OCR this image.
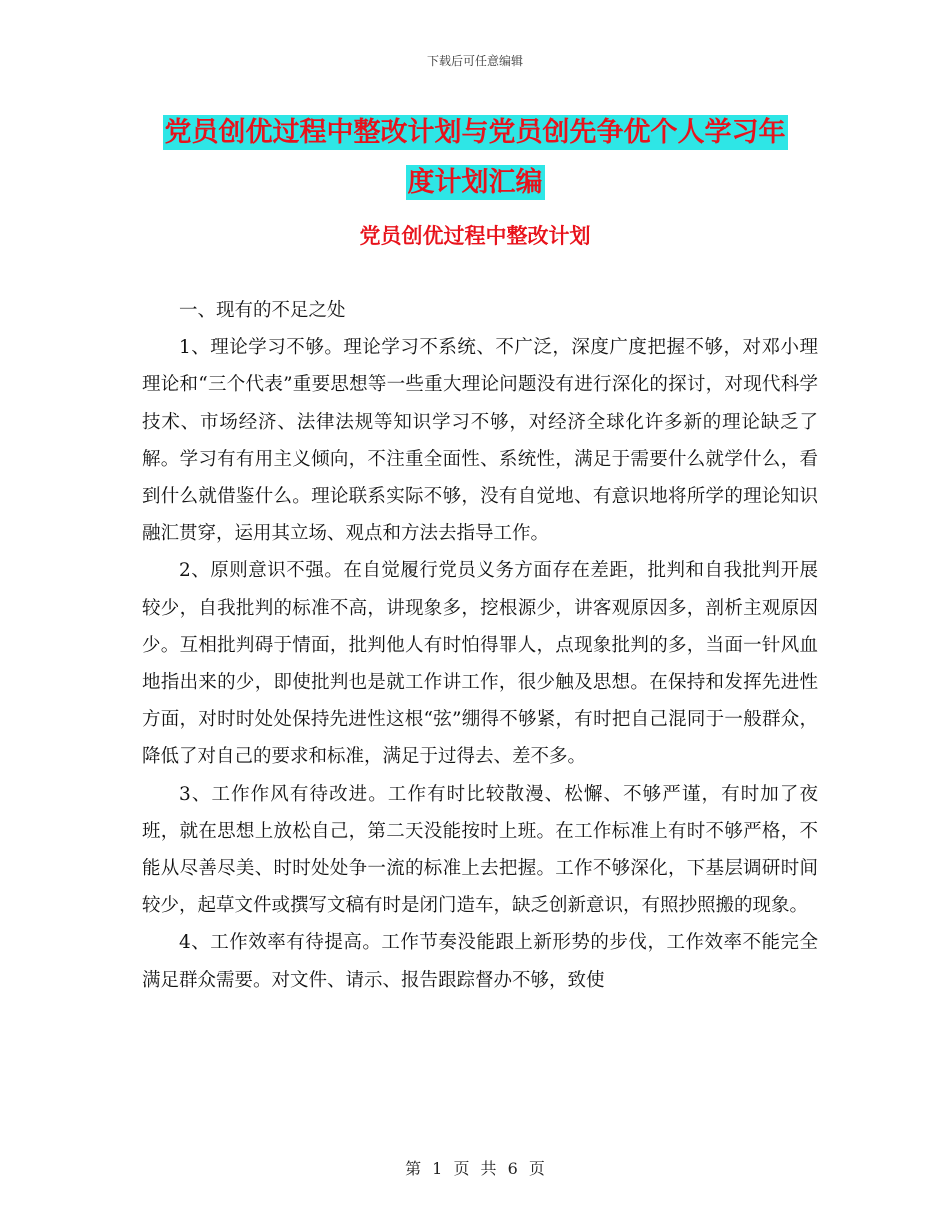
下载后可任意编辑
党员创优过程中整改计划与党员创先争优个人学习年
度计划汇编
党员创优过程中整改计划

一、现有的不足之处

1、理论学习不够。理论学习不系统、不广泛，深度广度把握不够，对邓小理理论和“三个代表”重要思想等一些重大理论问题没有进行深化的探讨，对现代科学技术、市场经济、法律法规等知识学习不够，对经济全球化许多新的理论缺乏了解。学习有有用主义倾向，不注重全面性、系统性，满足于需要什么就学什么，看到什么就借鉴什么。理论联系实际不够，没有自觉地、有意识地将所学的理论知识融汇贯穿，运用其立场、观点和方法去指导工作。

2、原则意识不强。在自觉履行党员义务方面存在差距，批判和自我批判开展较少，自我批判的标准不高，讲现象多，挖根源少，讲客观原因多，剖析主观原因少。互相批判碍于情面，批判他人有时怕得罪人，点现象批判的多，当面一针风血地指出来的少，即使批判也是就工作讲工作，很少触及思想。在保持和发挥先进性方面，对时时处处保持先进性这根“弦”绷得不够紧，有时把自己混同于一般群众，降低了对自己的要求和标准，满足于过得去、差不多。

3、工作作风有待改进。工作有时比较散漫、松懈、不够严谨，有时加了夜班，就在思想上放松自己，第二天没能按时上班。在工作标准上有时不够严格，不能从尽善尽美、时时处处争一流的标准上去把握。工作不够深化，下基层调研时间较少，起草文件或撰写文稿有时是闭门造车，缺乏创新意识，有照抄照搬的现象。

4、工作效率有待提高。工作节奏没能跟上新形势的步伐，工作效率不能完全满足群众需要。对文件、请示、报告跟踪督办不够，致使

第 1 页 共 6 页
